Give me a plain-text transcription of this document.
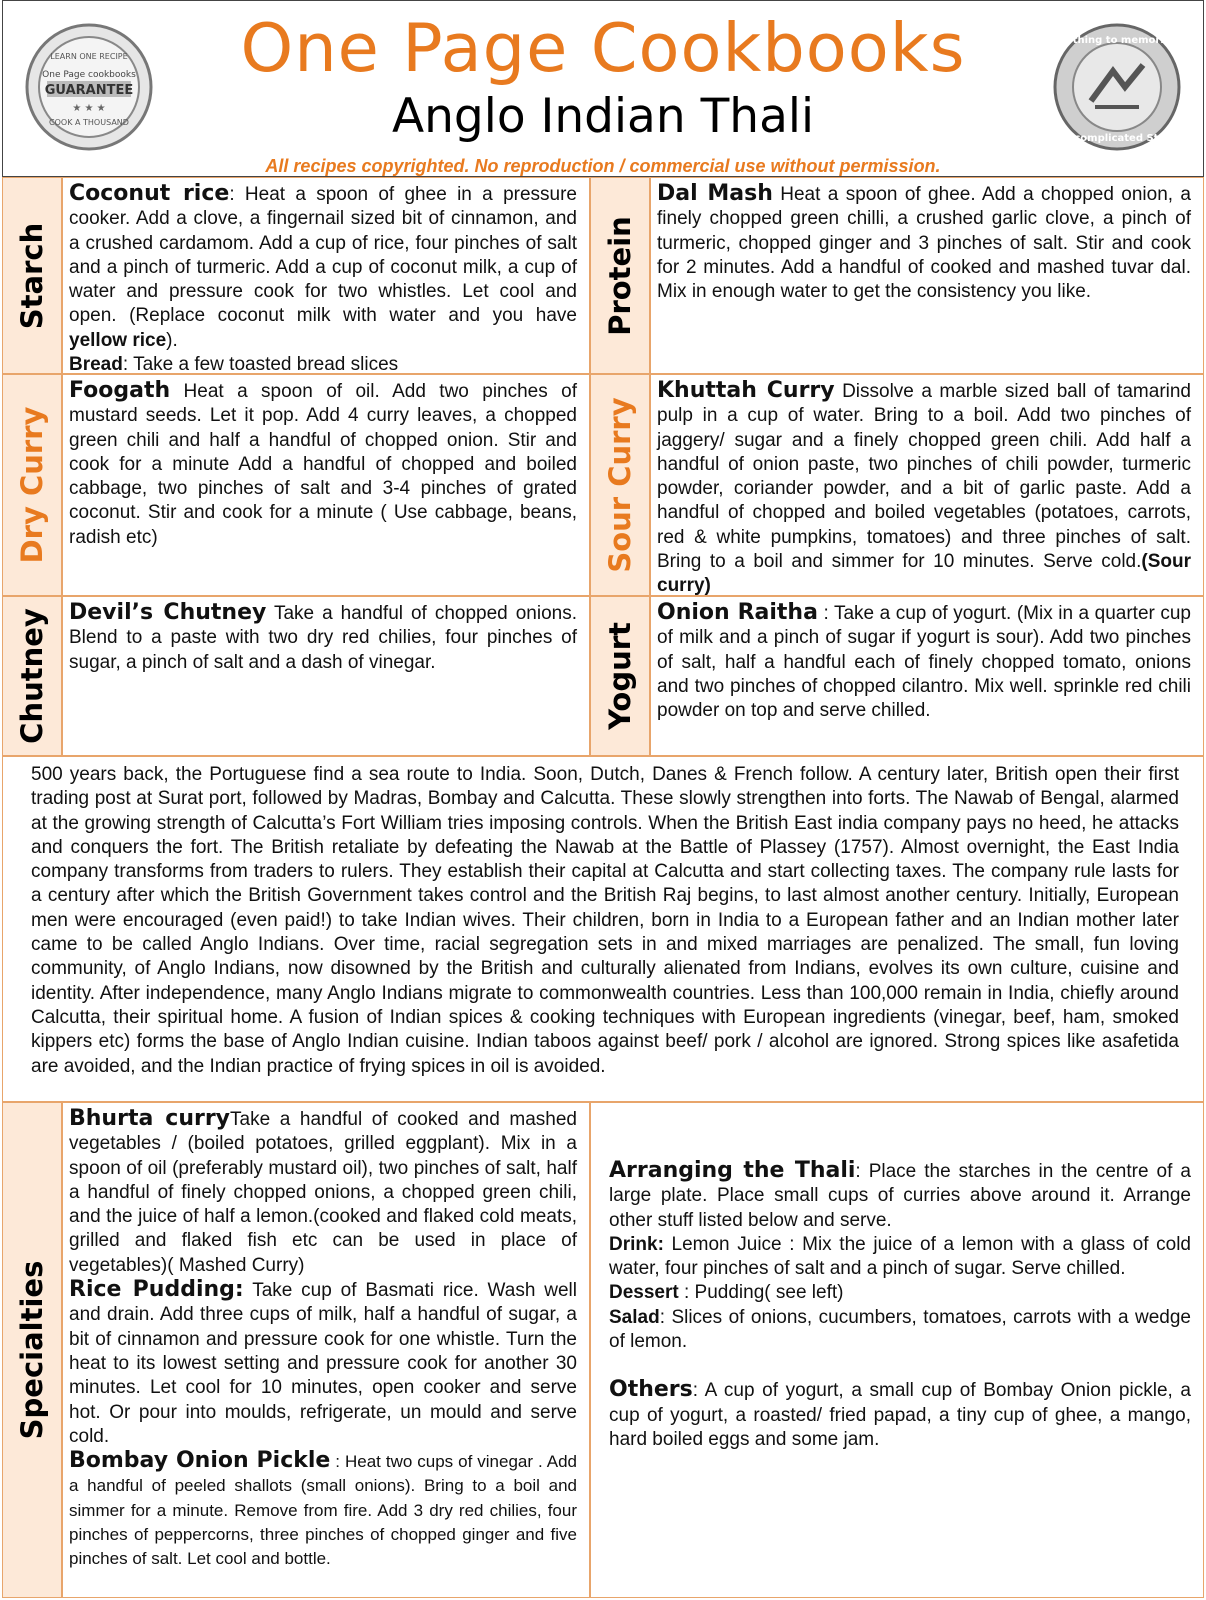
LEARN ONE RECIPE
One Page cookbooks
GUARANTEE
★ ★ ★
COOK A THOUSAND
One Page Cookbooks
Anglo Indian Thali
All recipes copyrighted. No reproduction / commercial use without permission.
Nothing to memorise
No complicated Steps
Starch
Coconut rice: Heat a spoon of ghee in a pressure cooker. Add a clove, a fingernail sized bit of cinnamon, and a crushed cardamom. Add a cup of rice, four pinches of salt and a pinch of turmeric. Add a cup of coconut milk, a cup of water and pressure cook for two whistles. Let cool and open. (Replace coconut milk with water and you have yellow rice).
Bread: Take a few toasted bread slices
Protein
Dal Mash Heat a spoon of ghee. Add a chopped onion, a finely chopped green chilli, a crushed garlic clove, a pinch of turmeric, chopped ginger and 3 pinches of salt. Stir and cook for 2 minutes. Add a handful of cooked and mashed tuvar dal. Mix in enough water to get the consistency you like.
Dry Curry
Foogath Heat a spoon of oil. Add two pinches of mustard seeds. Let it pop. Add 4 curry leaves, a chopped green chili and half a handful of chopped onion. Stir and cook for a minute Add a handful of chopped and boiled cabbage, two pinches of salt and 3-4 pinches of grated coconut. Stir and cook for a minute ( Use cabbage, beans, radish etc)	Sour Curry
Khuttah Curry Dissolve a marble sized ball of tamarind pulp in a cup of water. Bring to a boil. Add two pinches of jaggery/ sugar and a finely chopped green chili. Add half a handful of onion paste, two pinches of chili powder, turmeric powder, coriander powder, and a bit of garlic paste. Add a handful of chopped and boiled vegetables (potatoes, carrots, red & white pumpkins, tomatoes) and three pinches of salt. Bring to a boil and simmer for 10 minutes. Serve cold.(Sour curry)
Chutney Devil’s Chutney Take a handful of chopped onions. Blend to a paste with two dry red chilies, four pinches of sugar, a pinch of salt and a dash of vinegar.	Yogurt
Onion Raitha : Take a cup of yogurt. (Mix in a quarter cup of milk and a pinch of sugar if yogurt is sour). Add two pinches of salt, half a handful each of finely chopped tomato, onions and two pinches of chopped cilantro. Mix well. sprinkle red chili powder on top and serve chilled.
500 years back, the Portuguese find a sea route to India. Soon, Dutch, Danes & French follow. A century later, British open their first trading post at Surat port, followed by Madras, Bombay and Calcutta. These slowly strengthen into forts. The Nawab of Bengal, alarmed at the growing strength of Calcutta’s Fort William tries imposing controls. When the British East india company pays no heed, he attacks and conquers the fort. The British retaliate by defeating the Nawab at the Battle of Plassey (1757). Almost overnight, the East India company transforms from traders to rulers. They establish their capital at Calcutta and start collecting taxes. The company rule lasts for a century after which the British Government takes control and the British Raj begins, to last almost another century. Initially, European men were encouraged (even paid!) to take Indian wives. Their children, born in India to a European father and an Indian mother later came to be called Anglo Indians. Over time, racial segregation sets in and mixed marriages are penalized. The small, fun loving community, of Anglo Indians, now disowned by the British and culturally alienated from Indians, evolves its own culture, cuisine and identity. After independence, many Anglo Indians migrate to commonwealth countries. Less than 100,000 remain in India, chiefly around Calcutta, their spiritual home. A fusion of Indian spices & cooking techniques with European ingredients (vinegar, beef, ham, smoked kippers etc) forms the base of Anglo Indian cuisine. Indian taboos against beef/ pork / alcohol are ignored. Strong spices like asafetida are avoided, and the Indian practice of frying spices in oil is avoided.
Specialties
Bhurta curryTake a handful of cooked and mashed vegetables / (boiled potatoes, grilled eggplant). Mix in a spoon of oil (preferably mustard oil), two pinches of salt, half a handful of finely chopped onions, a chopped green chili, and the juice of half a lemon.(cooked and flaked cold meats, grilled and flaked fish etc can be used in place of vegetables)( Mashed Curry)
Rice Pudding: Take cup of Basmati rice. Wash well and drain. Add three cups of milk, half a handful of sugar, a bit of cinnamon and pressure cook for one whistle. Turn the heat to its lowest setting and pressure cook for another 30 minutes. Let cool for 10 minutes, open cooker and serve hot. Or pour into moulds, refrigerate, un mould and serve cold.
Bombay Onion Pickle : Heat two cups of vinegar . Add a handful of peeled shallots (small onions). Bring to a boil and simmer for a minute. Remove from fire. Add 3 dry red chilies, four pinches of peppercorns, three pinches of chopped ginger and five pinches of salt. Let cool and bottle.
Arranging the Thali: Place the starches in the centre of a large plate. Place small cups of curries above around it. Arrange other stuff listed below and serve.
Drink: Lemon Juice : Mix the juice of a lemon with a glass of cold water, four pinches of salt and a pinch of sugar. Serve chilled.
Dessert : Pudding( see left)
Salad: Slices of onions, cucumbers, tomatoes, carrots with a wedge of lemon.
Others: A cup of yogurt, a small cup of Bombay Onion pickle, a cup of yogurt, a roasted/ fried papad, a tiny cup of ghee, a mango, hard boiled eggs and some jam.
